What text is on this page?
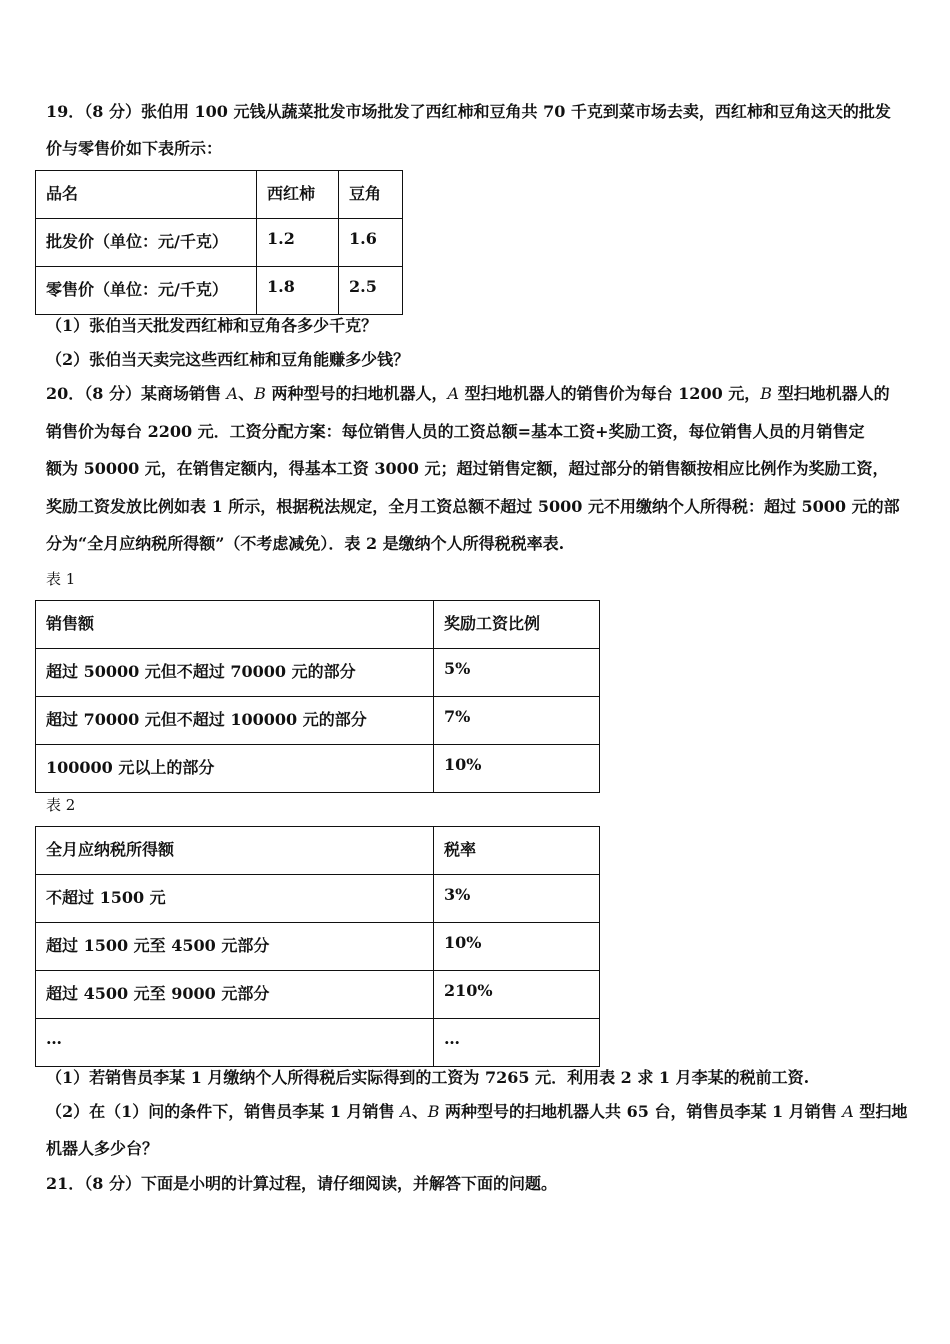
19．（8 分）张伯用 100 元钱从蔬菜批发市场批发了西红柿和豆角共 70 千克到菜市场去卖，西红柿和豆角这天的批发
价与零售价如下表所示：
品名	西红柿	豆角
批发价（单位：元/千克）	1.2	1.6
零售价（单位：元/千克）	1.8	2.5
（1）张伯当天批发西红柿和豆角各多少千克？
（2）张伯当天卖完这些西红柿和豆角能赚多少钱？
20．（8 分）某商场销售 A、B 两种型号的扫地机器人，A 型扫地机器人的销售价为每台 1200 元，B 型扫地机器人的
销售价为每台 2200 元．工资分配方案：每位销售人员的工资总额=基本工资+奖励工资，每位销售人员的月销售定
额为 50000 元，在销售定额内，得基本工资 3000 元；超过销售定额，超过部分的销售额按相应比例作为奖励工资，
奖励工资发放比例如表 1 所示，根据税法规定，全月工资总额不超过 5000 元不用缴纳个人所得税：超过 5000 元的部
分为“全月应纳税所得额”（不考虑减免）．表 2 是缴纳个人所得税税率表.
表 1
销售额	奖励工资比例
超过 50000 元但不超过 70000 元的部分	5%
超过 70000 元但不超过 100000 元的部分	7%
100000 元以上的部分	10%
表 2
全月应纳税所得额	税率
不超过 1500 元	3%
超过 1500 元至 4500 元部分	10%
超过 4500 元至 9000 元部分	210%
…	…
（1）若销售员李某 1 月缴纳个人所得税后实际得到的工资为 7265 元．利用表 2 求 1 月李某的税前工资.
（2）在（1）问的条件下，销售员李某 1 月销售 A、B 两种型号的扫地机器人共 65 台，销售员李某 1 月销售 A 型扫地
机器人多少台？
21．（8 分）下面是小明的计算过程，请仔细阅读，并解答下面的问题。
